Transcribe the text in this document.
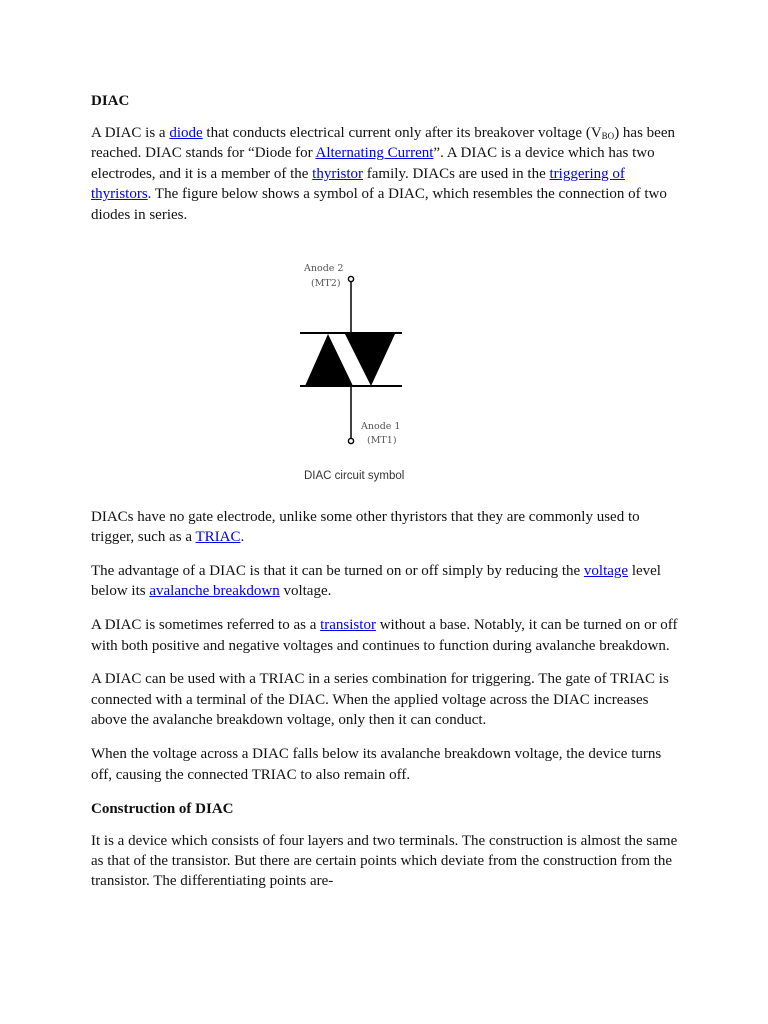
DIAC

A DIAC is a diode that conducts electrical current only after its breakover voltage $(V_{BO})$ has been reached. DIAC stands for “Diode for Alternating Current”. A DIAC is a device which has two electrodes, and it is a member of the thyristor family. DIACs are used in the triggering of thyristors. The figure below shows a symbol of a DIAC, which resembles the connection of two diodes in series.

Anode 2
(MT2)
Anode 1
(MT1)
DIAC circuit symbol

DIACs have no gate electrode, unlike some other thyristors that they are commonly used to trigger, such as a TRIAC.

The advantage of a DIAC is that it can be turned on or off simply by reducing the voltage level below its avalanche breakdown voltage.

A DIAC is sometimes referred to as a transistor without a base. Notably, it can be turned on or off with both positive and negative voltages and continues to function during avalanche breakdown.

A DIAC can be used with a TRIAC in a series combination for triggering. The gate of TRIAC is connected with a terminal of the DIAC. When the applied voltage across the DIAC increases above the avalanche breakdown voltage, only then it can conduct.

When the voltage across a DIAC falls below its avalanche breakdown voltage, the device turns off, causing the connected TRIAC to also remain off.

Construction of DIAC

It is a device which consists of four layers and two terminals. The construction is almost the same as that of the transistor. But there are certain points which deviate from the construction from the transistor. The differentiating points are-
